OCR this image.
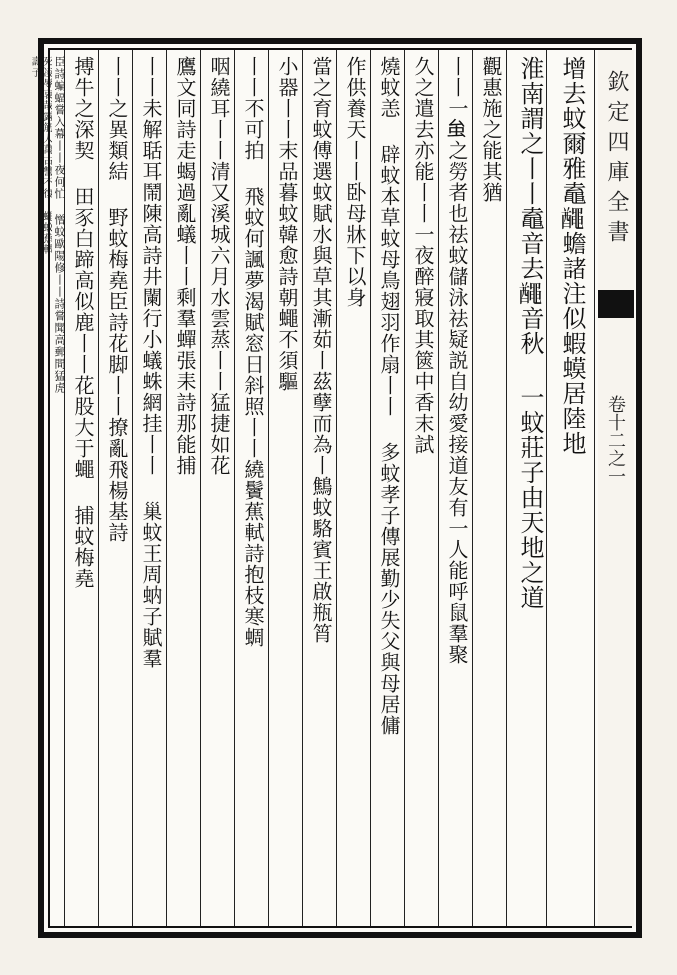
欽定四庫全書
卷十二之一
增去蚊爾雅鼁𪓰蟾諸注似蝦蟆居陸地
淮南謂之丨丨鼁音去𪓰音秋 一蚊莊子由天地之道
觀惠施之能其猶
丨丨一𧈧之勞者也祛蚊儲泳祛疑説自幼愛接道友有一人能呼鼠羣聚
久之遣去亦能丨丨一夜醉寢取其篋中香末試
燒蚊恙 辟蚊本草蚊母鳥翅羽作扇丨丨 多蚊孝子傳展勤少失父與母居傭
作供養天丨丨卧母牀下以身
當之育蚊傅選蚊賦水與草其漸茹丨茲孽而為丨鷦蚊駱賓王啟瓶筲
小器丨丨末品暮蚊韓愈詩朝蠅不須驅
丨丨不可拍 飛蚊何諷夢渴賦窓日斜照丨丨繞鬢蕉軾詩抱枝寒蜩
咽繞耳丨丨清又溪城六月水雲蒸丨丨猛捷如花
鷹文同詩走蝎過亂蟻丨丨剩羣蟬張耒詩那能捕
丨丨未解聒耳鬧陳高詩井闌行小蟻蛛網挂丨丨 巢蚊王周蚋子賦羣
丨丨之異類結 野蚊梅堯臣詩花脚丨丨撩亂飛楊基詩
搏牛之深契 田豕白蹄高似鹿丨丨花股大于蠅 捕蚊梅堯
臣詩蝙蝠嘗入幕丨丨夜何忙 憎蚊歐陽修丨丨詩嘗聞高郵間猛虎
死凌辱哀哉露筋人萬古讐不復 蠅蚊蕉軾
壽子
